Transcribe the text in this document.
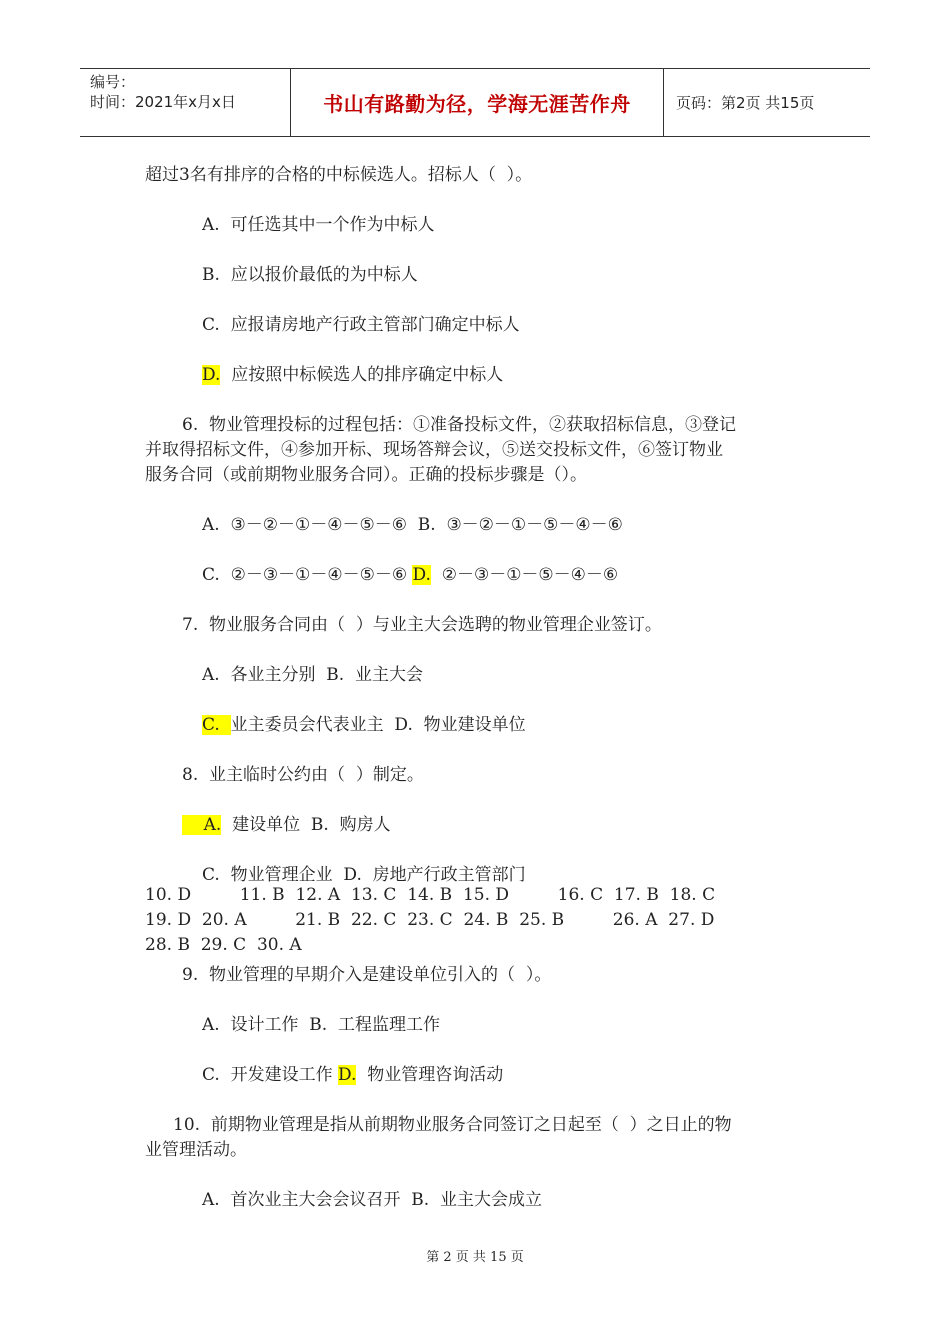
编号：
时间：2021年x月x日	书山有路勤为径，学海无涯苦作舟	页码：第2页 共15页
超过3名有排序的合格的中标候选人。招标人（  ）。
A.  可任选其中一个作为中标人
B.  应以报价最低的为中标人
C.  应报请房地产行政主管部门确定中标人
D.  应按照中标候选人的排序确定中标人
6.  物业管理投标的过程包括：①准备投标文件，②获取招标信息，③登记
并取得招标文件，④参加开标、现场答辩会议，⑤送交投标文件，⑥签订物业
服务合同（或前期物业服务合同）。正确的投标步骤是（）。
A.  ③－②－①－④－⑤－⑥  B.  ③－②－①－⑤－④－⑥
C.  ②－③－①－④－⑤－⑥ D.  ②－③－①－⑤－④－⑥
7.  物业服务合同由（  ）与业主大会选聘的物业管理企业签订。
A.  各业主分别  B.  业主大会
C.  业主委员会代表业主  D.  物业建设单位
8.  业主临时公约由（  ）制定。
A.  建设单位  B.  购房人
C.  物业管理企业  D.  房地产行政主管部门
10. D         11. B  12. A  13. C  14. B  15. D         16. C  17. B  18. C
19. D  20. A         21. B  22. C  23. C  24. B  25. B         26. A  27. D
28. B  29. C  30. A
9.  物业管理的早期介入是建设单位引入的（  ）。
A.  设计工作  B.  工程监理工作
C.  开发建设工作 D.  物业管理咨询活动
10.  前期物业管理是指从前期物业服务合同签订之日起至（  ）之日止的物
业管理活动。
A.  首次业主大会会议召开  B.  业主大会成立
第 2 页 共 15 页
